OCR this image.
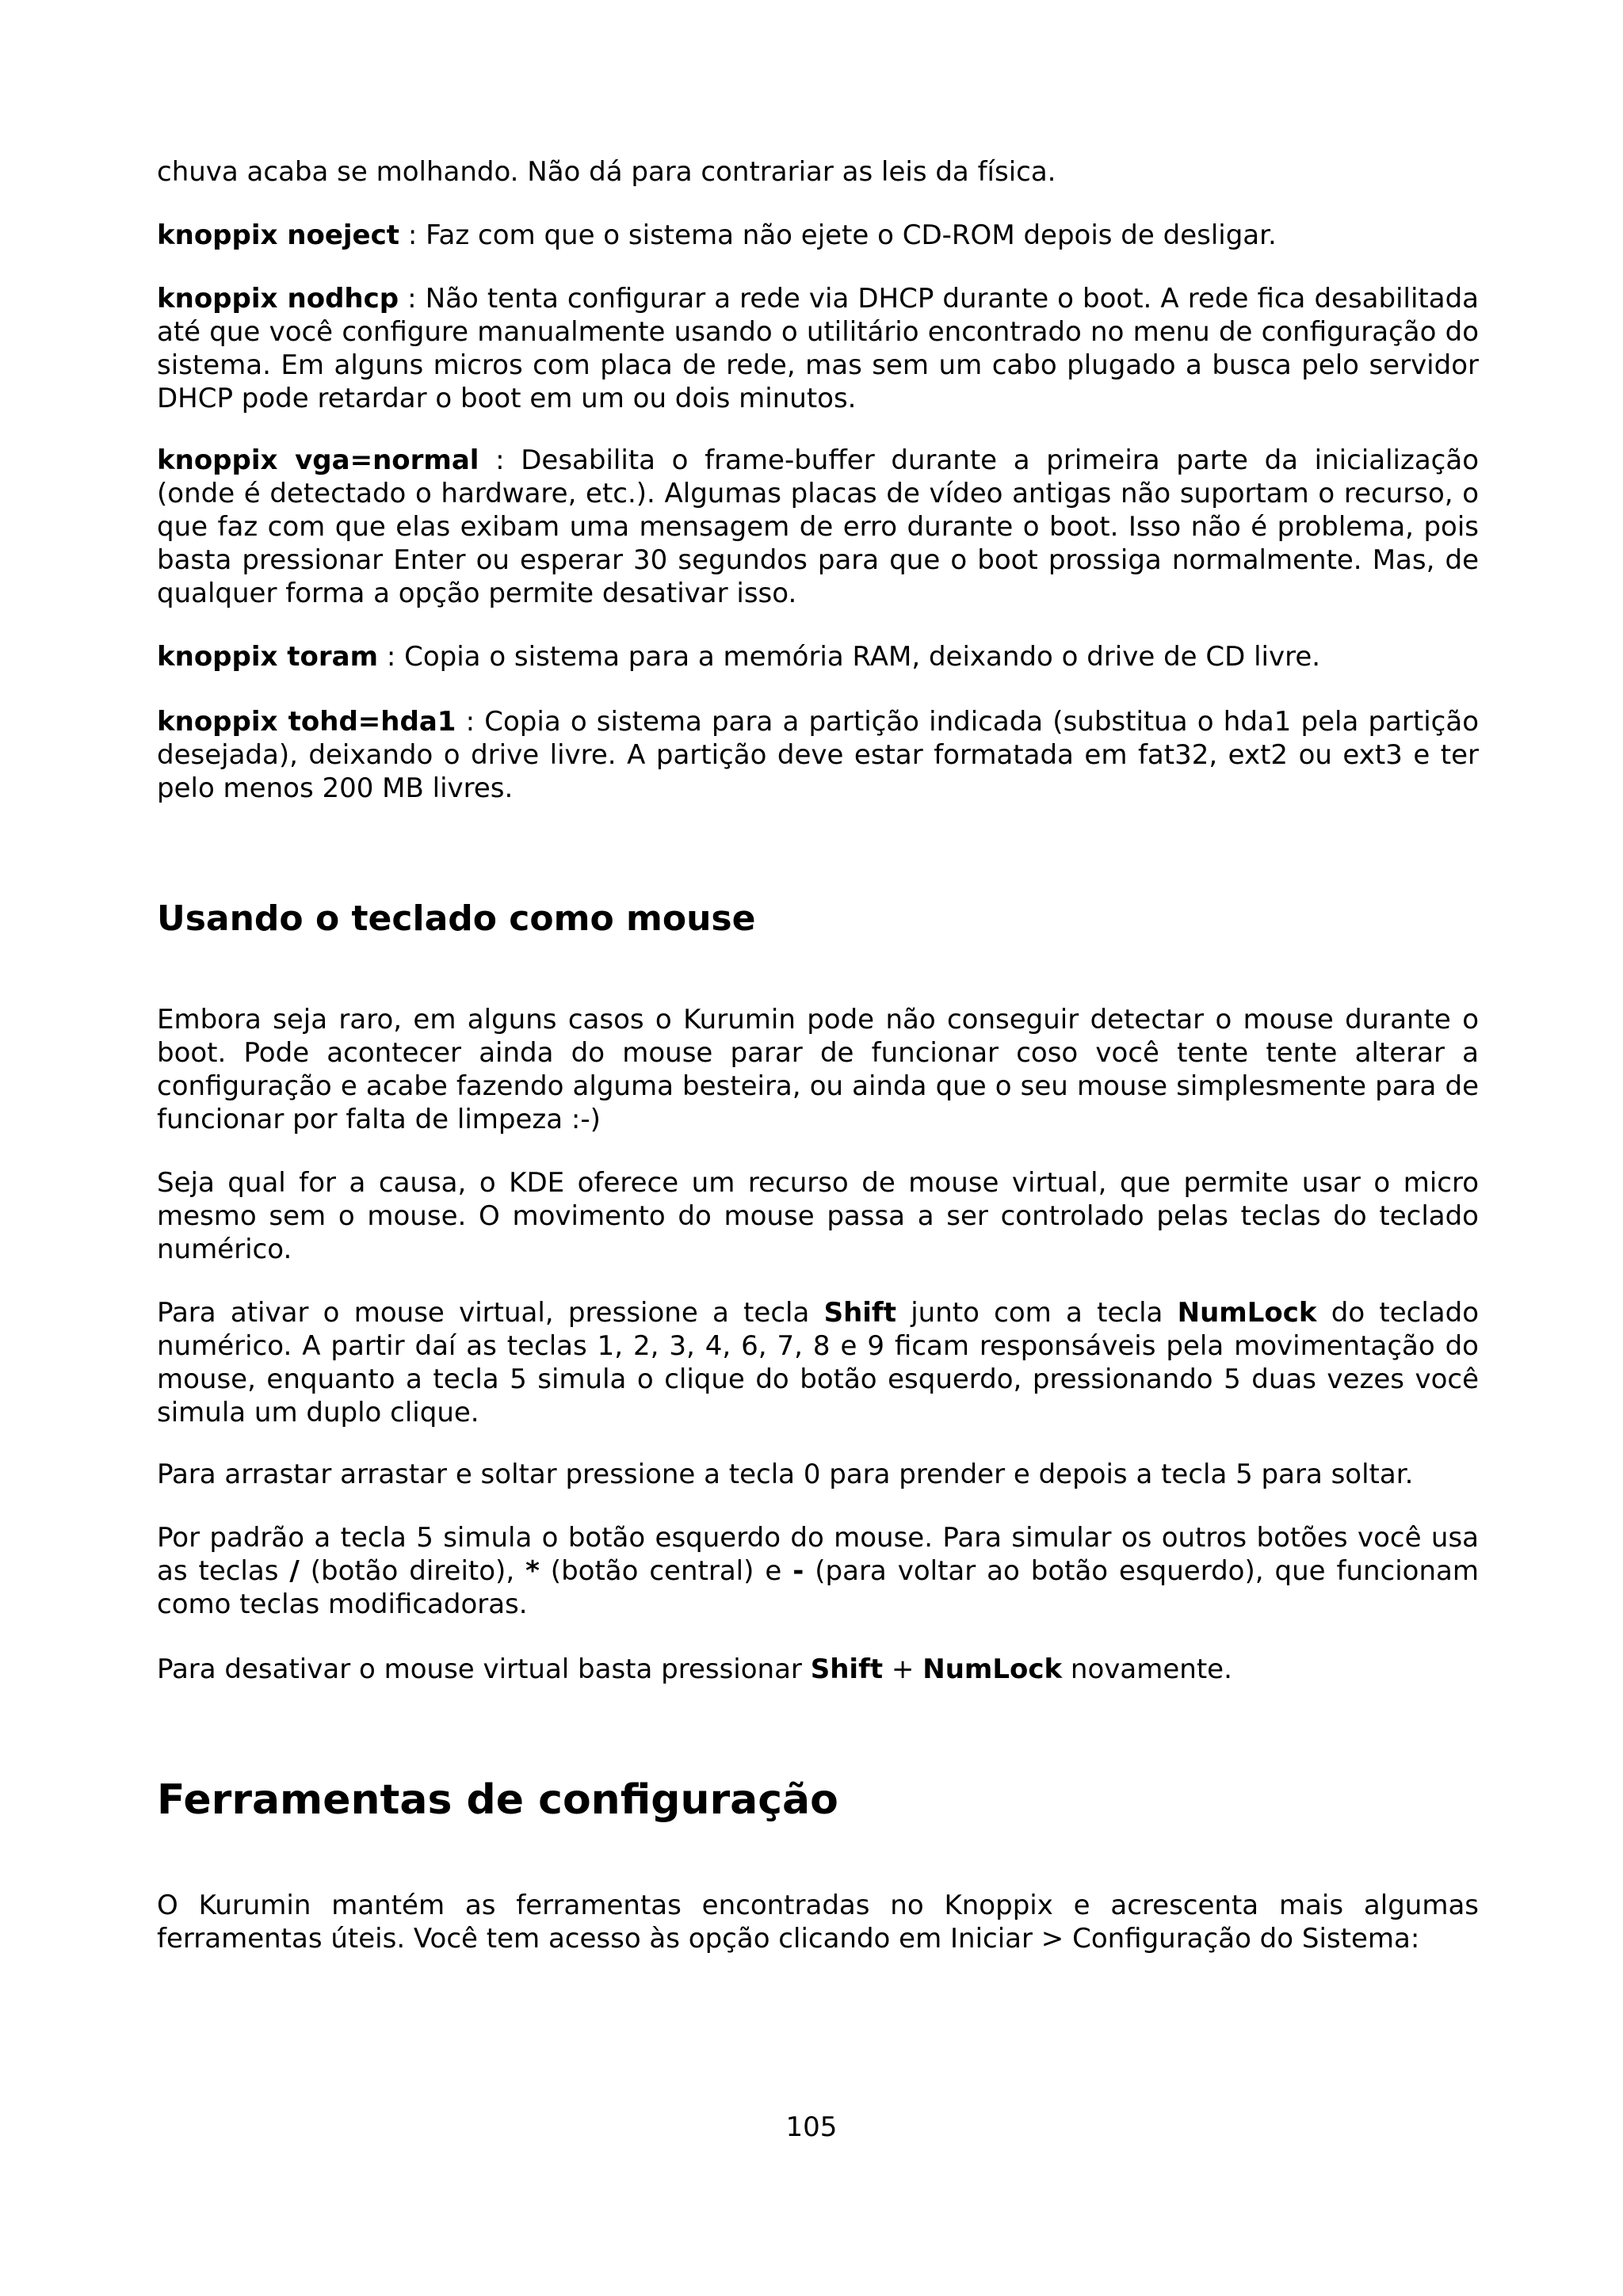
chuva acaba se molhando. Não dá para contrariar as leis da física.

knoppix noeject : Faz com que o sistema não ejete o CD-ROM depois de desligar.

knoppix nodhcp : Não tenta configurar a rede via DHCP durante o boot. A rede fica desabilitada até que você configure manualmente usando o utilitário encontrado no menu de configuração do sistema. Em alguns micros com placa de rede, mas sem um cabo plugado a busca pelo servidor DHCP pode retardar o boot em um ou dois minutos.

knoppix vga=normal : Desabilita o frame-buffer durante a primeira parte da inicialização (onde é detectado o hardware, etc.). Algumas placas de vídeo antigas não suportam o recurso, o que faz com que elas exibam uma mensagem de erro durante o boot. Isso não é problema, pois basta pressionar Enter ou esperar 30 segundos para que o boot prossiga normalmente. Mas, de qualquer forma a opção permite desativar isso.

knoppix toram : Copia o sistema para a memória RAM, deixando o drive de CD livre.

knoppix tohd=hda1 : Copia o sistema para a partição indicada (substitua o hda1 pela partição desejada), deixando o drive livre. A partição deve estar formatada em fat32, ext2 ou ext3 e ter pelo menos 200 MB livres.

Usando o teclado como mouse

Embora seja raro, em alguns casos o Kurumin pode não conseguir detectar o mouse durante o boot. Pode acontecer ainda do mouse parar de funcionar coso você tente tente alterar a configuração e acabe fazendo alguma besteira, ou ainda que o seu mouse simplesmente para de funcionar por falta de limpeza :-)

Seja qual for a causa, o KDE oferece um recurso de mouse virtual, que permite usar o micro mesmo sem o mouse. O movimento do mouse passa a ser controlado pelas teclas do teclado numérico.

Para ativar o mouse virtual, pressione a tecla Shift junto com a tecla NumLock do teclado numérico. A partir daí as teclas 1, 2, 3, 4, 6, 7, 8 e 9 ficam responsáveis pela movimentação do mouse, enquanto a tecla 5 simula o clique do botão esquerdo, pressionando 5 duas vezes você simula um duplo clique.

Para arrastar arrastar e soltar pressione a tecla 0 para prender e depois a tecla 5 para soltar.

Por padrão a tecla 5 simula o botão esquerdo do mouse. Para simular os outros botões você usa as teclas / (botão direito), * (botão central) e - (para voltar ao botão esquerdo), que funcionam como teclas modificadoras.

Para desativar o mouse virtual basta pressionar Shift + NumLock novamente.

Ferramentas de configuração

O Kurumin mantém as ferramentas encontradas no Knoppix e acrescenta mais algumas ferramentas úteis. Você tem acesso às opção clicando em Iniciar > Configuração do Sistema:

105
